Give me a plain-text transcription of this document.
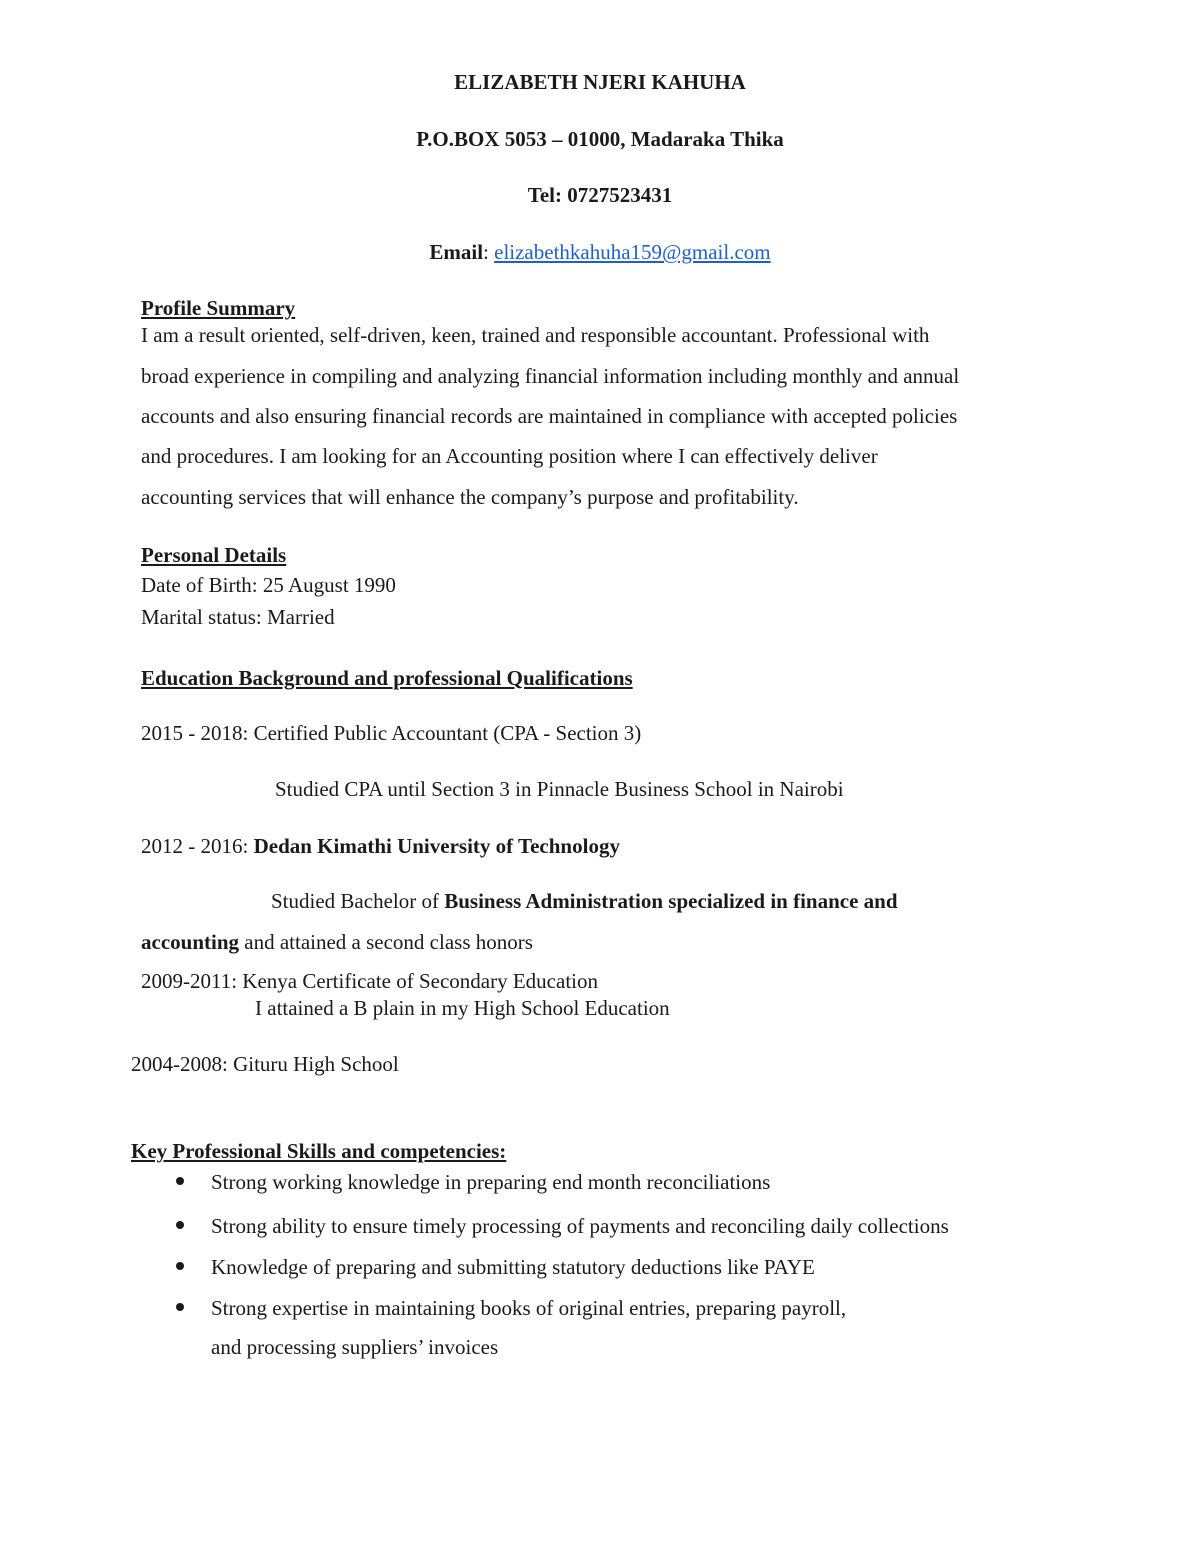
ELIZABETH NJERI KAHUHA
P.O.BOX 5053 – 01000, Madaraka Thika
Tel: 0727523431
Email: elizabethkahuha159@gmail.com
Profile Summary
I am a result oriented, self-driven, keen, trained and responsible accountant. Professional with
broad experience in compiling and analyzing financial information including monthly and annual
accounts and also ensuring financial records are maintained in compliance with accepted policies
and procedures. I am looking for an Accounting position where I can effectively deliver
accounting services that will enhance the company’s purpose and profitability.
Personal Details
Date of Birth: 25 August 1990
Marital status: Married
Education Background and professional Qualifications
2015 - 2018: Certified Public Accountant (CPA - Section 3)
Studied CPA until Section 3 in Pinnacle Business School in Nairobi
2012 - 2016: Dedan Kimathi University of Technology
Studied Bachelor of Business Administration specialized in finance and
accounting and attained a second class honors
2009-2011: Kenya Certificate of Secondary Education
I attained a B plain in my High School Education
2004-2008: Gituru High School
Key Professional Skills and competencies:
Strong working knowledge in preparing end month reconciliations
Strong ability to ensure timely processing of payments and reconciling daily collections
Knowledge of preparing and submitting statutory deductions like PAYE
Strong expertise in maintaining books of original entries, preparing payroll,
and processing suppliers’ invoices
